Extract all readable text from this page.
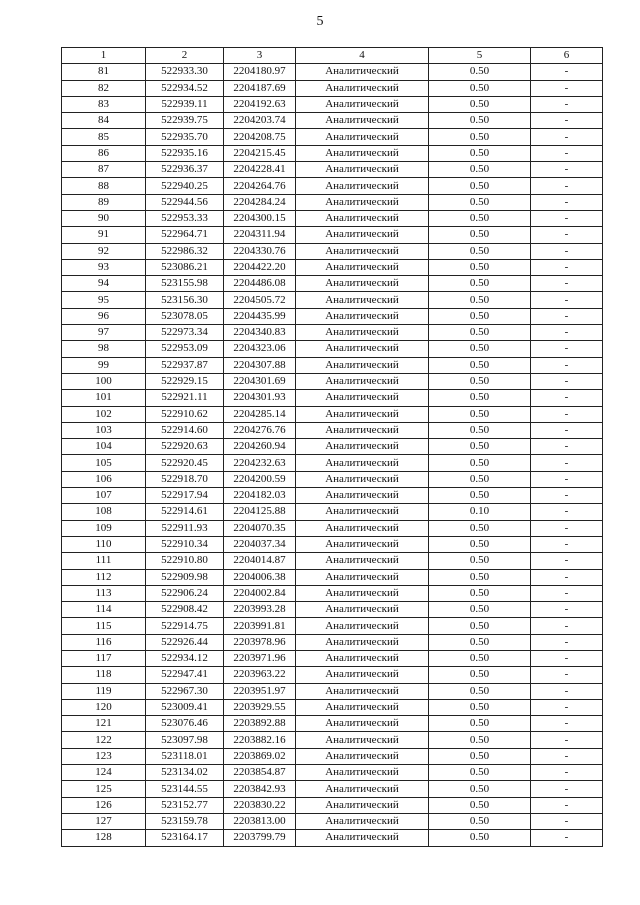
5
1	2	3	4	5	6
81	522933.30	2204180.97	Аналитический	0.50	-
82	522934.52	2204187.69	Аналитический	0.50	-
83	522939.11	2204192.63	Аналитический	0.50	-
84	522939.75	2204203.74	Аналитический	0.50	-
85	522935.70	2204208.75	Аналитический	0.50	-
86	522935.16	2204215.45	Аналитический	0.50	-
87	522936.37	2204228.41	Аналитический	0.50	-
88	522940.25	2204264.76	Аналитический	0.50	-
89	522944.56	2204284.24	Аналитический	0.50	-
90	522953.33	2204300.15	Аналитический	0.50	-
91	522964.71	2204311.94	Аналитический	0.50	-
92	522986.32	2204330.76	Аналитический	0.50	-
93	523086.21	2204422.20	Аналитический	0.50	-
94	523155.98	2204486.08	Аналитический	0.50	-
95	523156.30	2204505.72	Аналитический	0.50	-
96	523078.05	2204435.99	Аналитический	0.50	-
97	522973.34	2204340.83	Аналитический	0.50	-
98	522953.09	2204323.06	Аналитический	0.50	-
99	522937.87	2204307.88	Аналитический	0.50	-
100	522929.15	2204301.69	Аналитический	0.50	-
101	522921.11	2204301.93	Аналитический	0.50	-
102	522910.62	2204285.14	Аналитический	0.50	-
103	522914.60	2204276.76	Аналитический	0.50	-
104	522920.63	2204260.94	Аналитический	0.50	-
105	522920.45	2204232.63	Аналитический	0.50	-
106	522918.70	2204200.59	Аналитический	0.50	-
107	522917.94	2204182.03	Аналитический	0.50	-
108	522914.61	2204125.88	Аналитический	0.10	-
109	522911.93	2204070.35	Аналитический	0.50	-
110	522910.34	2204037.34	Аналитический	0.50	-
111	522910.80	2204014.87	Аналитический	0.50	-
112	522909.98	2204006.38	Аналитический	0.50	-
113	522906.24	2204002.84	Аналитический	0.50	-
114	522908.42	2203993.28	Аналитический	0.50	-
115	522914.75	2203991.81	Аналитический	0.50	-
116	522926.44	2203978.96	Аналитический	0.50	-
117	522934.12	2203971.96	Аналитический	0.50	-
118	522947.41	2203963.22	Аналитический	0.50	-
119	522967.30	2203951.97	Аналитический	0.50	-
120	523009.41	2203929.55	Аналитический	0.50	-
121	523076.46	2203892.88	Аналитический	0.50	-
122	523097.98	2203882.16	Аналитический	0.50	-
123	523118.01	2203869.02	Аналитический	0.50	-
124	523134.02	2203854.87	Аналитический	0.50	-
125	523144.55	2203842.93	Аналитический	0.50	-
126	523152.77	2203830.22	Аналитический	0.50	-
127	523159.78	2203813.00	Аналитический	0.50	-
128	523164.17	2203799.79	Аналитический	0.50	-
